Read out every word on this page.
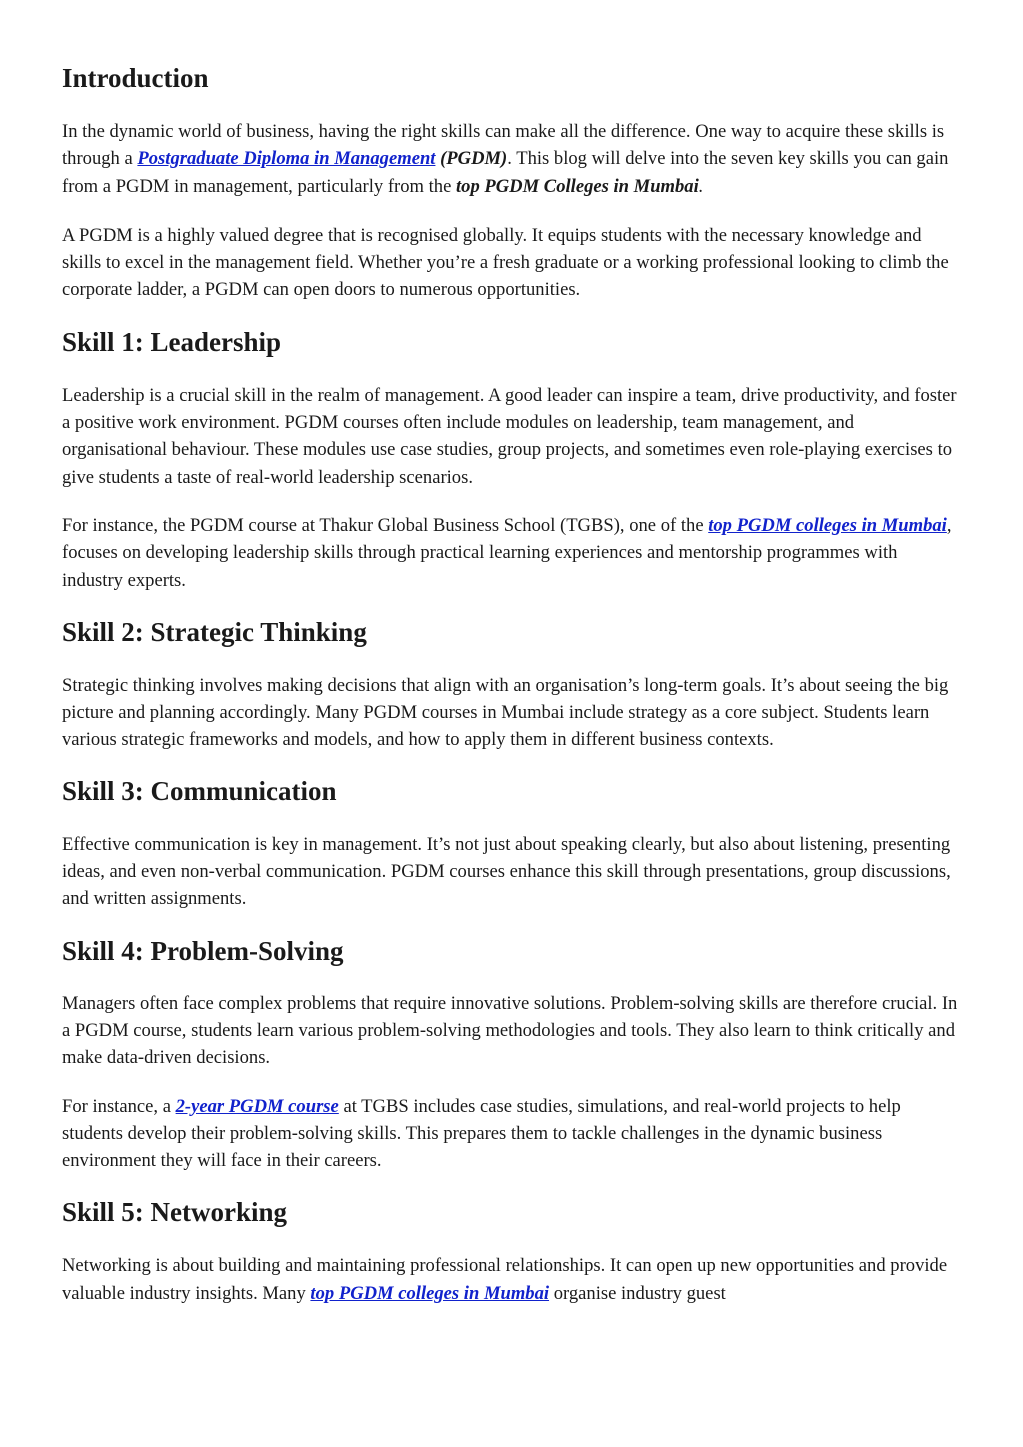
Introduction

In the dynamic world of business, having the right skills can make all the difference. One way to acquire these skills is through a Postgraduate Diploma in Management (PGDM). This blog will delve into the seven key skills you can gain from a PGDM in management, particularly from the top PGDM Colleges in Mumbai.

A PGDM is a highly valued degree that is recognised globally. It equips students with the necessary knowledge and skills to excel in the management field. Whether you’re a fresh graduate or a working professional looking to climb the corporate ladder, a PGDM can open doors to numerous opportunities.

Skill 1: Leadership

Leadership is a crucial skill in the realm of management. A good leader can inspire a team, drive productivity, and foster a positive work environment. PGDM courses often include modules on leadership, team management, and organisational behaviour. These modules use case studies, group projects, and sometimes even role-playing exercises to give students a taste of real-world leadership scenarios.

For instance, the PGDM course at Thakur Global Business School (TGBS), one of the top PGDM colleges in Mumbai, focuses on developing leadership skills through practical learning experiences and mentorship programmes with industry experts.

Skill 2: Strategic Thinking

Strategic thinking involves making decisions that align with an organisation’s long-term goals. It’s about seeing the big picture and planning accordingly. Many PGDM courses in Mumbai include strategy as a core subject. Students learn various strategic frameworks and models, and how to apply them in different business contexts.

Skill 3: Communication

Effective communication is key in management. It’s not just about speaking clearly, but also about listening, presenting ideas, and even non-verbal communication. PGDM courses enhance this skill through presentations, group discussions, and written assignments.

Skill 4: Problem-Solving

Managers often face complex problems that require innovative solutions. Problem-solving skills are therefore crucial. In a PGDM course, students learn various problem-solving methodologies and tools. They also learn to think critically and make data-driven decisions.

For instance, a 2-year PGDM course at TGBS includes case studies, simulations, and real-world projects to help students develop their problem-solving skills. This prepares them to tackle challenges in the dynamic business environment they will face in their careers.

Skill 5: Networking

Networking is about building and maintaining professional relationships. It can open up new opportunities and provide valuable industry insights. Many top PGDM colleges in Mumbai organise industry guest
